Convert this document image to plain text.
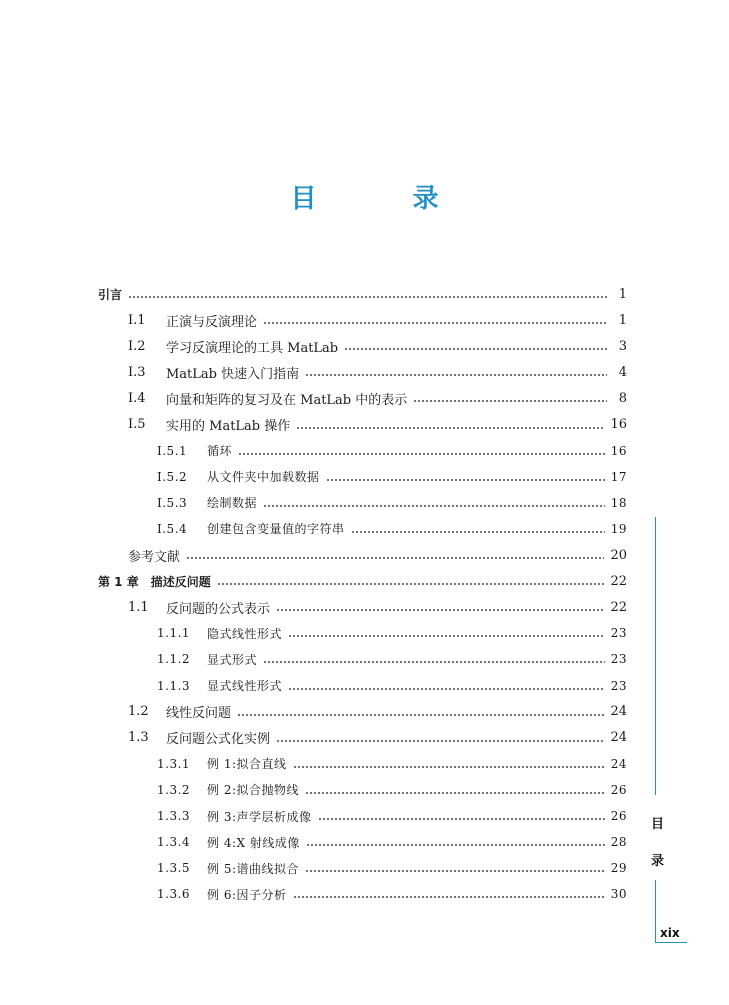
目 录
引言	1
Ⅰ.1	正演与反演理论	1
Ⅰ.2	学习反演理论的工具 MatLab	3
Ⅰ.3	MatLab 快速入门指南	4
Ⅰ.4	向量和矩阵的复习及在 MatLab 中的表示	8
Ⅰ.5	实用的 MatLab 操作	16
Ⅰ.5.1	循环	16
Ⅰ.5.2	从文件夹中加载数据	17
Ⅰ.5.3	绘制数据	18
Ⅰ.5.4	创建包含变量值的字符串	19
参考文献	20
第 1 章 描述反问题	22
1.1	反问题的公式表示	22
1.1.1	隐式线性形式	23
1.1.2	显式形式	23
1.1.3	显式线性形式	23
1.2	线性反问题	24
1.3	反问题公式化实例	24
1.3.1	例 1:拟合直线	24
1.3.2	例 2:拟合抛物线	26
1.3.3	例 3:声学层析成像	26
1.3.4	例 4:X 射线成像	28
1.3.5	例 5:谱曲线拟合	29
1.3.6	例 6:因子分析	30
目
录
xix
